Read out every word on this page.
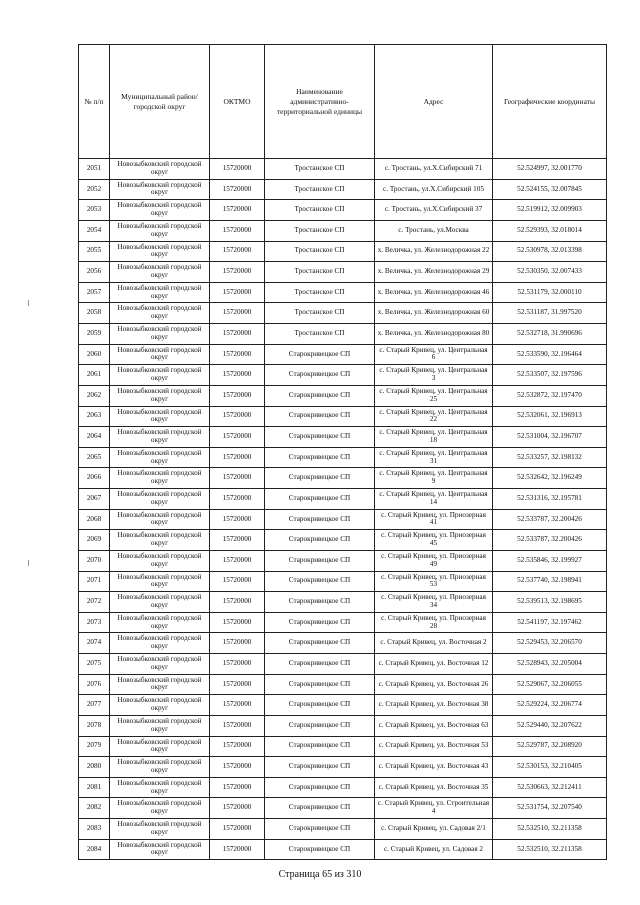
№ п/п	Муниципальный район/городской округ	ОКТМО	Наименование административно-территориальной единицы	Адрес	Географические координаты
2051	Новозыбковский городской округ	15720000	Тростанское СП	с. Тростань, ул.Х.Сибирский 71	52.524997, 32.001770
2052	Новозыбковский городской округ	15720000	Тростанское СП	с. Тростань, ул.Х.Сибирский 105	52.524155, 32.007845
2053	Новозыбковский городской округ	15720000	Тростанское СП	с. Тростань, ул.Х.Сибирский 37	52.519912, 32.009903
2054	Новозыбковский городской округ	15720000	Тростанское СП	с. Тростань, ул.Москва	52.529393, 32.018014
2055	Новозыбковский городской округ	15720000	Тростанское СП	х. Величка, ул. Железнодорожная 22	52.530978, 32.013398
2056	Новозыбковский городской округ	15720000	Тростанское СП	х. Величка, ул. Железнодорожная 29	52.530350, 32.007433
2057	Новозыбковский городской округ	15720000	Тростанское СП	х. Величка, ул. Железнодорожная 46	52.531179, 32.000110
2058	Новозыбковский городской округ	15720000	Тростанское СП	х. Величка, ул. Железнодорожная 60	52.531187, 31.997520
2059	Новозыбковский городской округ	15720000	Тростанское СП	х. Величка, ул. Железнодорожная 80	52.532718, 31.990696
2060	Новозыбковский городской округ	15720000	Старокривецкое СП	с. Старый Кривец, ул. Центральная 6	52.533590, 32.196464
2061	Новозыбковский городской округ	15720000	Старокривецкое СП	с. Старый Кривец, ул. Центральная 3	52.533507, 32.197596
2062	Новозыбковский городской округ	15720000	Старокривецкое СП	с. Старый Кривец, ул. Центральная 25	52.532872, 32.197470
2063	Новозыбковский городской округ	15720000	Старокривецкое СП	с. Старый Кривец, ул. Центральная 22	52.532061, 32.196913
2064	Новозыбковский городской округ	15720000	Старокривецкое СП	с. Старый Кривец, ул. Центральная 18	52.531004, 32.196707
2065	Новозыбковский городской округ	15720000	Старокривецкое СП	с. Старый Кривец, ул. Центральная 31	52.533257, 32.198132
2066	Новозыбковский городской округ	15720000	Старокривецкое СП	с. Старый Кривец, ул. Центральная 9	52.532642, 32.196249
2067	Новозыбковский городской округ	15720000	Старокривецкое СП	с. Старый Кривец, ул. Центральная 14	52.531316, 32.195781
2068	Новозыбковский городской округ	15720000	Старокривецкое СП	с. Старый Кривец, ул. Приозерная 41	52.533787, 32.200426
2069	Новозыбковский городской округ	15720000	Старокривецкое СП	с. Старый Кривец, ул. Приозерная 45	52.533787, 32.200426
2070	Новозыбковский городской округ	15720000	Старокривецкое СП	с. Старый Кривец, ул. Приозерная 49	52.535846, 32.199927
2071	Новозыбковский городской округ	15720000	Старокривецкое СП	с. Старый Кривец, ул. Приозерная 53	52.537740, 32.198941
2072	Новозыбковский городской округ	15720000	Старокривецкое СП	с. Старый Кривец, ул. Приозерная 34	52.539513, 32.198695
2073	Новозыбковский городской округ	15720000	Старокривецкое СП	с. Старый Кривец, ул. Приозерная 28	52.541197, 32.197462
2074	Новозыбковский городской округ	15720000	Старокривецкое СП	с. Старый Кривец, ул. Восточная 2	52.529453, 32.206570
2075	Новозыбковский городской округ	15720000	Старокривецкое СП	с. Старый Кривец, ул. Восточная 12	52.528943, 32.205004
2076	Новозыбковский городской округ	15720000	Старокривецкое СП	с. Старый Кривец, ул. Восточная 26	52.529067, 32.206055
2077	Новозыбковский городской округ	15720000	Старокривецкое СП	с. Старый Кривец, ул. Восточная 38	52.529224, 32.206774
2078	Новозыбковский городской округ	15720000	Старокривецкое СП	с. Старый Кривец, ул. Восточная 63	52.529440, 32.207622
2079	Новозыбковский городской округ	15720000	Старокривецкое СП	с. Старый Кривец, ул. Восточная 53	52.529787, 32.208920
2080	Новозыбковский городской округ	15720000	Старокривецкое СП	с. Старый Кривец, ул. Восточная 43	52.530153, 32.210405
2081	Новозыбковский городской округ	15720000	Старокривецкое СП	с. Старый Кривец, ул. Восточная 35	52.530663, 32.212411
2082	Новозыбковский городской округ	15720000	Старокривецкое СП	с. Старый Кривец, ул. Строительная 4	52.531754, 32.207540
2083	Новозыбковский городской округ	15720000	Старокривецкое СП	с. Старый Кривец, ул. Садовая 2/1	52.532510, 32.211358
2084	Новозыбковский городской округ	15720000	Старокривецкое СП	с. Старый Кривец, ул. Садовая 2	52.532510, 32.211358
Страница 65 из 310
